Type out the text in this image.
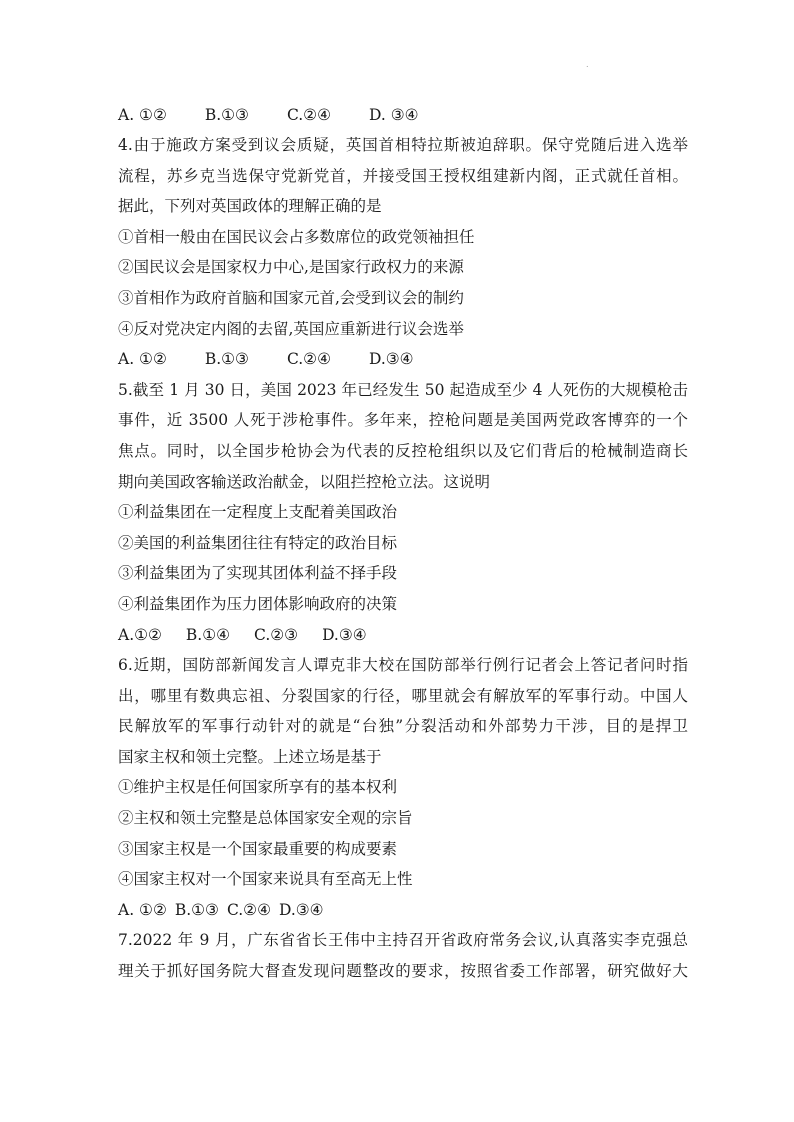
.
A. ①② B.①③ C.②④ D. ③④
4.由于施政方案受到议会质疑，英国首相特拉斯被迫辞职。保守党随后进入选举
流程，苏乡克当选保守党新党首，并接受国王授权组建新内阁，正式就任首相。
据此，下列对英国政体的理解正确的是
①首相一般由在国民议会占多数席位的政党领袖担任
②国民议会是国家权力中心,是国家行政权力的来源
③首相作为政府首脑和国家元首,会受到议会的制约
④反对党决定内阁的去留,英国应重新进行议会选举
A. ①② B.①③ C.②④ D.③④
5.截至 1 月 30 日，美国 2023 年已经发生 50 起造成至少 4 人死伤的大规模枪击
事件，近 3500 人死于涉枪事件。多年来，控枪问题是美国两党政客博弈的一个
焦点。同时，以全国步枪协会为代表的反控枪组织以及它们背后的枪械制造商长
期向美国政客输送政治献金，以阻拦控枪立法。这说明
①利益集团在一定程度上支配着美国政治
②美国的利益集团往往有特定的政治目标
③利益集团为了实现其团体利益不择手段
④利益集团作为压力团体影响政府的决策
A.①② B.①④ C.②③ D.③④
6.近期，国防部新闻发言人谭克非大校在国防部举行例行记者会上答记者问时指
出，哪里有数典忘祖、分裂国家的行径，哪里就会有解放军的军事行动。中国人
民解放军的军事行动针对的就是“台独”分裂活动和外部势力干涉，目的是捍卫
国家主权和领土完整。上述立场是基于
①维护主权是任何国家所享有的基本权利
②主权和领土完整是总体国家安全观的宗旨
③国家主权是一个国家最重要的构成要素
④国家主权对一个国家来说具有至高无上性
A. ①② B.①③ C.②④ D.③④
7.2022 年 9 月，广东省省长王伟中主持召开省政府常务会议,认真落实李克强总
理关于抓好国务院大督查发现问题整改的要求，按照省委工作部署，研究做好大
